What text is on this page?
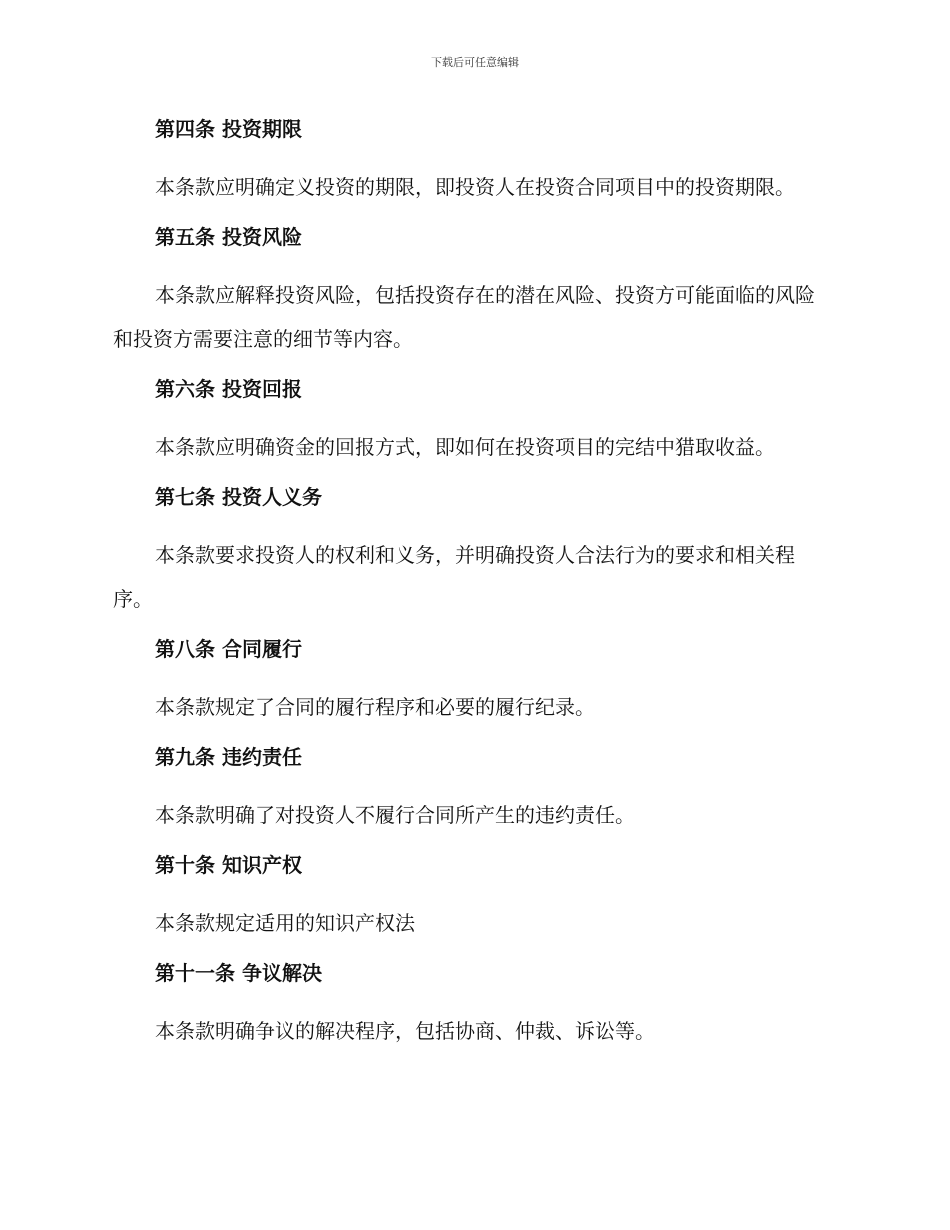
下载后可任意编辑
第四条 投资期限
本条款应明确定义投资的期限，即投资人在投资合同项目中的投资期限。
第五条 投资风险
本条款应解释投资风险，包括投资存在的潜在风险、投资方可能面临的风险和投资方需要注意的细节等内容。
第六条 投资回报
本条款应明确资金的回报方式，即如何在投资项目的完结中猎取收益。
第七条 投资人义务
本条款要求投资人的权利和义务，并明确投资人合法行为的要求和相关程序。
第八条 合同履行
本条款规定了合同的履行程序和必要的履行纪录。
第九条 违约责任
本条款明确了对投资人不履行合同所产生的违约责任。
第十条 知识产权
本条款规定适用的知识产权法
第十一条 争议解决
本条款明确争议的解决程序，包括协商、仲裁、诉讼等。
